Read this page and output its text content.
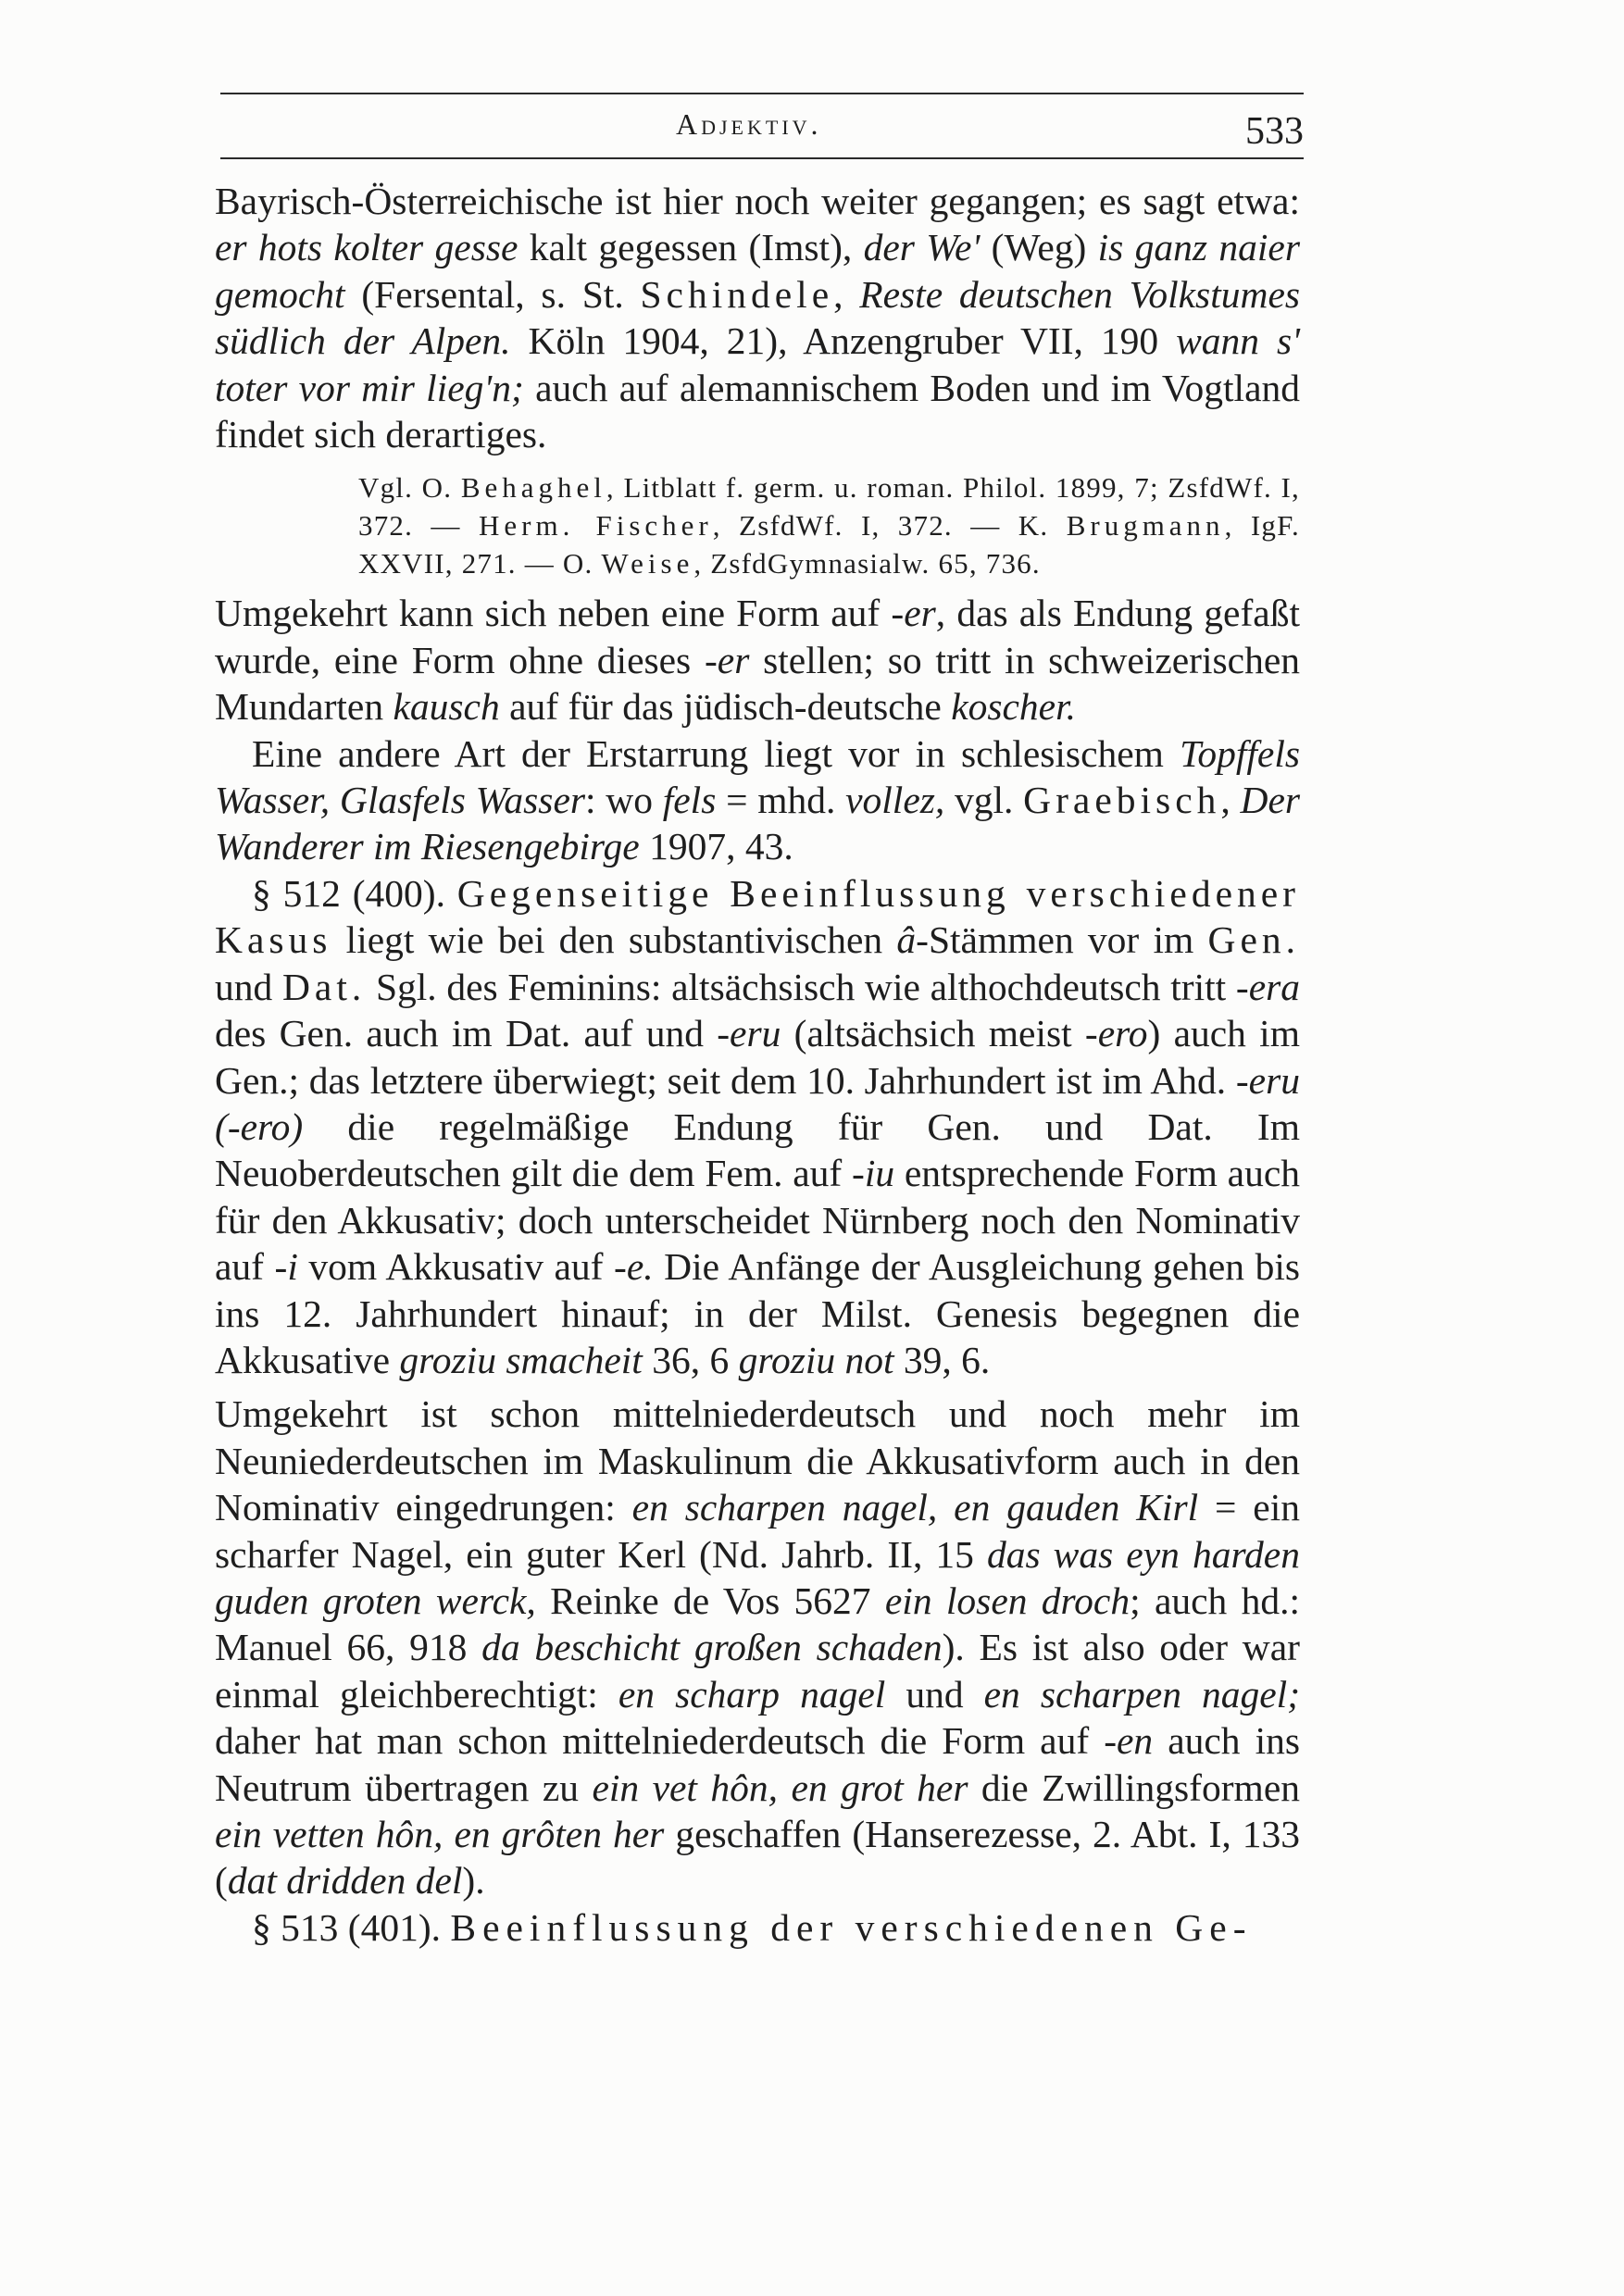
Adjektiv.	533

Bayrisch-Österreichische ist hier noch weiter gegangen; es sagt etwa: er hots kolter gesse kalt gegessen (Imst), der We' (Weg) is ganz naier gemocht (Fersental, s. St. Schindele, Reste deutschen Volkstumes südlich der Alpen. Köln 1904, 21), Anzengruber VII, 190 wann s' toter vor mir lieg'n; auch auf alemannischem Boden und im Vogtland findet sich derartiges.

Vgl. O. Behaghel, Litblatt f. germ. u. roman. Philol. 1899, 7; ZsfdWf. I, 372. — Herm. Fischer, ZsfdWf. I, 372. — K. Brugmann, IgF. XXVII, 271. — O. Weise, ZsfdGymnasialw. 65, 736.

Umgekehrt kann sich neben eine Form auf -er, das als Endung gefaßt wurde, eine Form ohne dieses -er stellen; so tritt in schweizerischen Mundarten kausch auf für das jüdisch-deutsche koscher.

Eine andere Art der Erstarrung liegt vor in schlesischem Topffels Wasser, Glasfels Wasser: wo fels = mhd. vollez, vgl. Graebisch, Der Wanderer im Riesengebirge 1907, 43.

§ 512 (400). Gegenseitige Beeinflussung verschiedener Kasus liegt wie bei den substantivischen â-Stämmen vor im Gen. und Dat. Sgl. des Feminins: altsächsisch wie althochdeutsch tritt -era des Gen. auch im Dat. auf und -eru (altsächsich meist -ero) auch im Gen.; das letztere überwiegt; seit dem 10. Jahrhundert ist im Ahd. -eru (-ero) die regelmäßige Endung für Gen. und Dat. Im Neuoberdeutschen gilt die dem Fem. auf -iu entsprechende Form auch für den Akkusativ; doch unterscheidet Nürnberg noch den Nominativ auf -i vom Akkusativ auf -e. Die Anfänge der Ausgleichung gehen bis ins 12. Jahrhundert hinauf; in der Milst. Genesis begegnen die Akkusative groziu smacheit 36, 6 groziu not 39, 6.

Umgekehrt ist schon mittelniederdeutsch und noch mehr im Neuniederdeutschen im Maskulinum die Akkusativform auch in den Nominativ eingedrungen: en scharpen nagel, en gauden Kirl = ein scharfer Nagel, ein guter Kerl (Nd. Jahrb. II, 15 das was eyn harden guden groten werck, Reinke de Vos 5627 ein losen droch; auch hd.: Manuel 66, 918 da beschicht großen schaden). Es ist also oder war einmal gleichberechtigt: en scharp nagel und en scharpen nagel; daher hat man schon mittelniederdeutsch die Form auf -en auch ins Neutrum übertragen zu ein vet hôn, en grot her die Zwillingsformen ein vetten hôn, en grôten her geschaffen (Hanserezesse, 2. Abt. I, 133 (dat dridden del).

§ 513 (401). Beeinflussung der verschiedenen Ge-
